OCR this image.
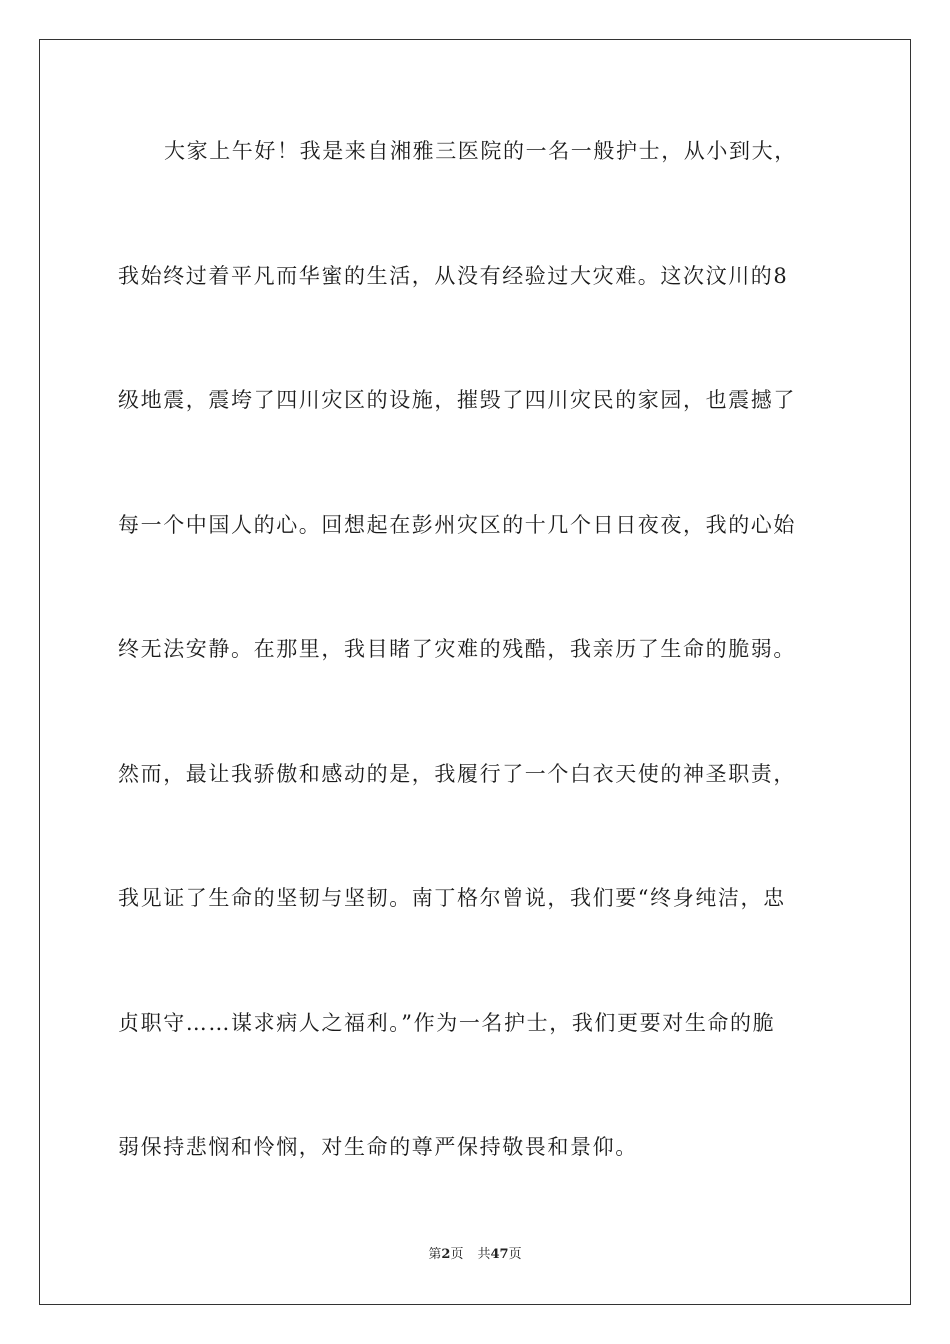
大家上午好！我是来自湘雅三医院的一名一般护士，从小到大，
我始终过着平凡而华蜜的生活，从没有经验过大灾难。这次汶川的8
级地震，震垮了四川灾区的设施，摧毁了四川灾民的家园，也震撼了
每一个中国人的心。回想起在彭州灾区的十几个日日夜夜，我的心始
终无法安静。在那里，我目睹了灾难的残酷，我亲历了生命的脆弱。
然而，最让我骄傲和感动的是，我履行了一个白衣天使的神圣职责，
我见证了生命的坚韧与坚韧。南丁格尔曾说，我们要“终身纯洁，忠
贞职守……谋求病人之福利。”作为一名护士，我们更要对生命的脆
弱保持悲悯和怜悯，对生命的尊严保持敬畏和景仰。
第2页 共47页
